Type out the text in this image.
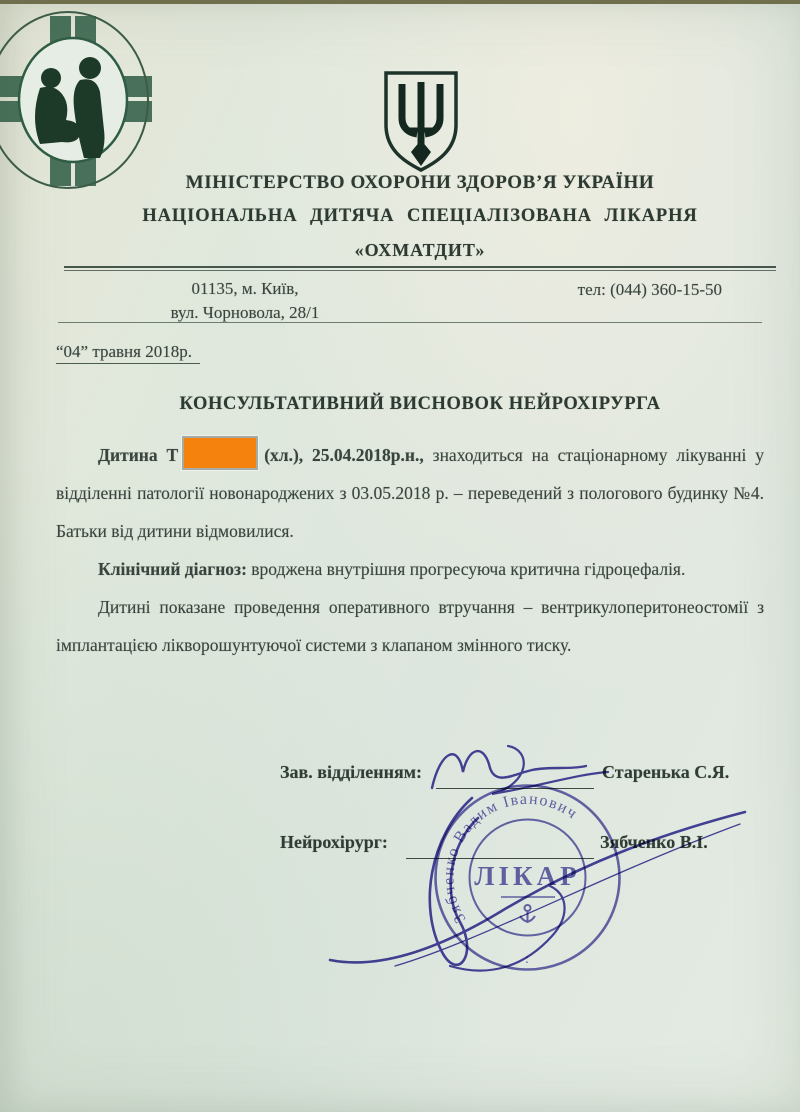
МІНІСТЕРСТВО ОХОРОНИ ЗДОРОВ’Я УКРАЇНИ
НАЦІОНАЛЬНА ДИТЯЧА СПЕЦІАЛІЗОВАНА ЛІКАРНЯ
«ОХМАТДИТ»
01135, м. Київ,
вул. Чорновола, 28/1
тел: (044) 360-15-50
“04” травня 2018р.
КОНСУЛЬТАТИВНИЙ ВИСНОВОК НЕЙРОХІРУРГА

Дитина Т	(хл.), 25.04.2018р.н., знаходиться на стаціонарному лікуванні у відділенні патології новонароджених з 03.05.2018 р. – переведений з пологового будинку №4. Батьки від дитини відмовилися.

Клінічний діагноз: вроджена внутрішня прогресуюча критична гідроцефалія.

Дитині показане проведення оперативного втручання – вентрикулоперитонеостомії з імплантацією лікворошунтуючої системи з клапаном змінного тиску.

Зав. відділенням:	Старенька С.Я.
Нейрохірург:	Зябченко В.І.
Зябченко Вадим Іванович
ЛІКАР
:
